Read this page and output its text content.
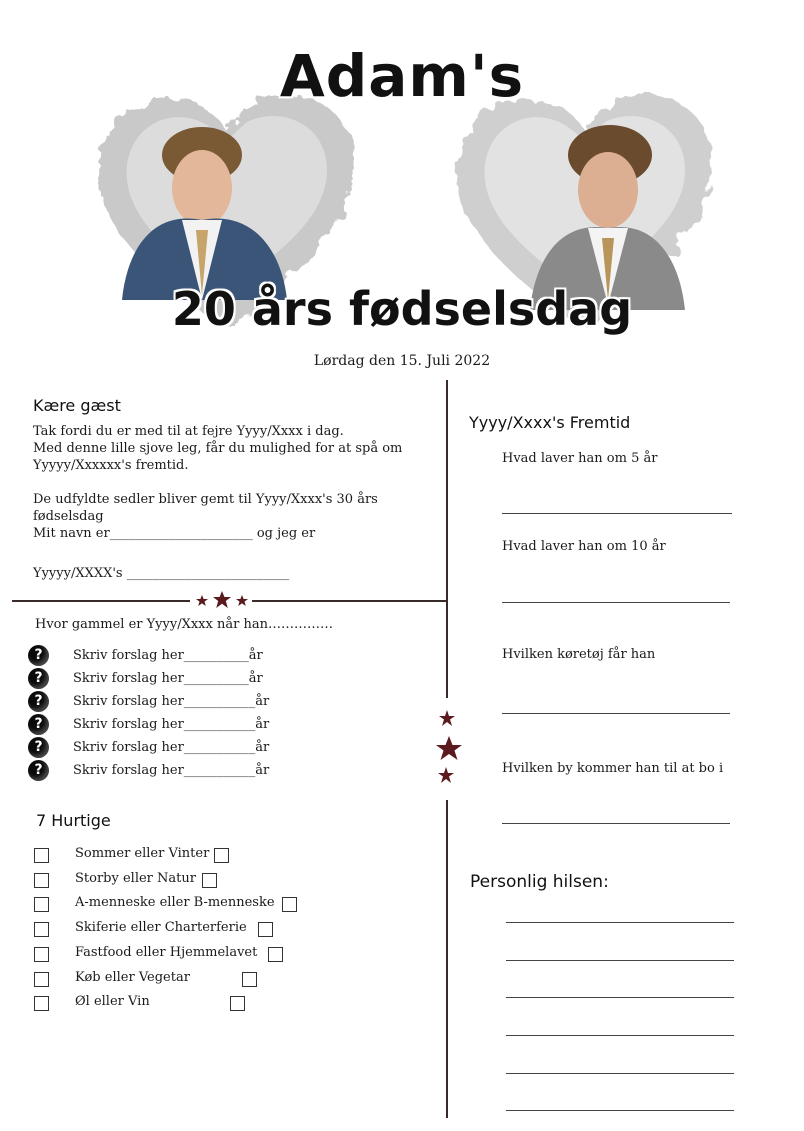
Adam's
20 års fødselsdag
Lørdag den 15. Juli 2022
Kære gæst
Tak fordi du er med til at fejre Yyyy/Xxxx i dag.
Med denne lille sjove leg, får du mulighed for at spå om
Yyyyy/Xxxxxx's fremtid.
De udfyldte sedler bliver gemt til Yyyy/Xxxx's 30 års
fødselsdag
Mit navn er______________________ og jeg er
Yyyyy/XXXX's _________________________
Hvor gammel er Yyyy/Xxxx når han……………
?	Skriv forslag her__________år
?	Skriv forslag her__________år
?	Skriv forslag her___________år
?	Skriv forslag her___________år
?	Skriv forslag her___________år
?	Skriv forslag her___________år
7 Hurtige
Sommer eller Vinter
Storby eller Natur
A-menneske eller B-menneske
Skiferie eller Charterferie
Fastfood eller Hjemmelavet
Køb eller Vegetar
Øl eller Vin
Yyyy/Xxxx's Fremtid
Hvad laver han om 5 år
Hvad laver han om 10 år
Hvilken køretøj får han
Hvilken by kommer han til at bo i
Personlig hilsen:
